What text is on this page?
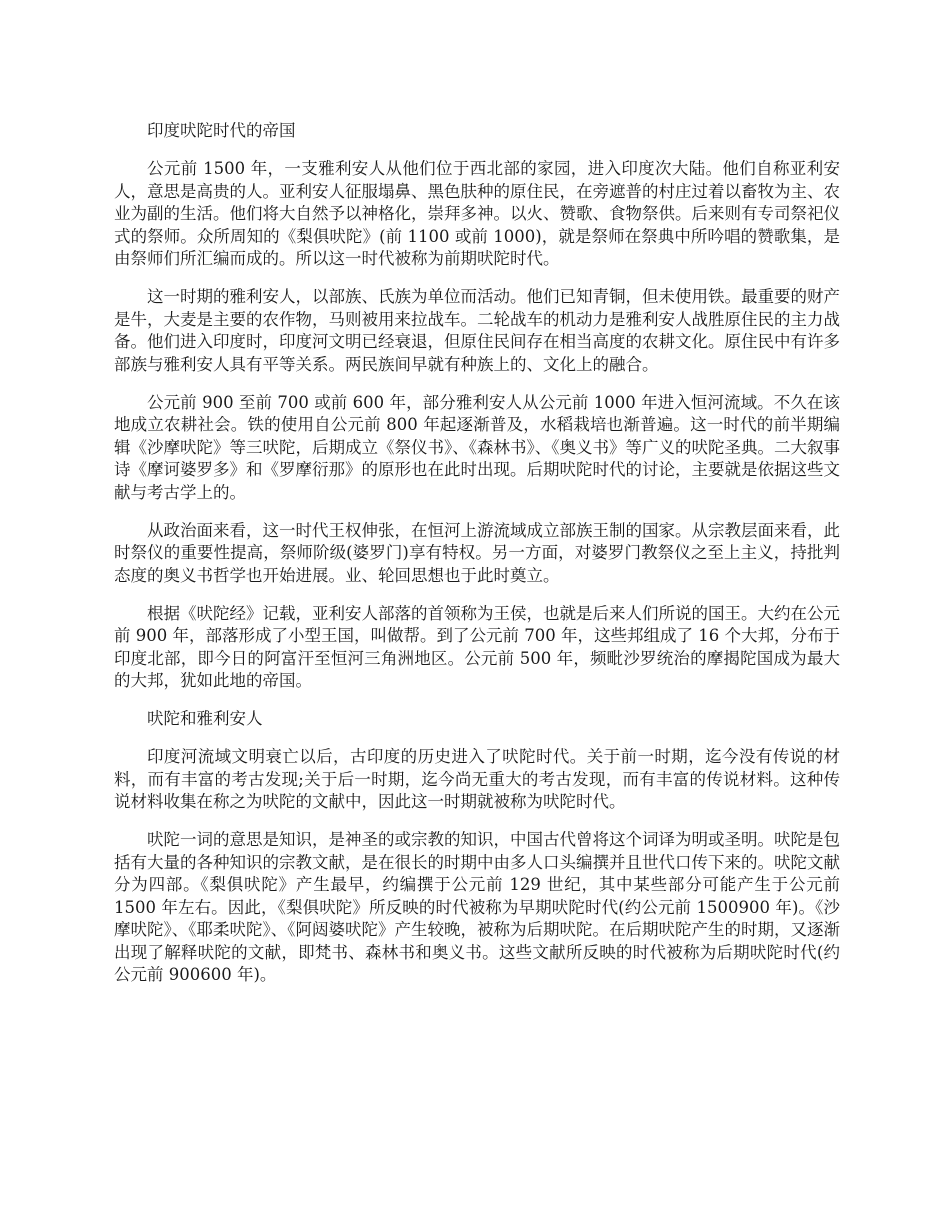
印度吠陀时代的帝国

公元前 1500 年，一支雅利安人从他们位于西北部的家园，进入印度次大陆。他们自称亚利安人，意思是高贵的人。亚利安人征服塌鼻、黑色肤种的原住民，在旁遮普的村庄过着以畜牧为主、农业为副的生活。他们将大自然予以神格化，崇拜多神。以火、赞歌、食物祭供。后来则有专司祭祀仪式的祭师。众所周知的《梨俱吠陀》(前 1100 或前 1000)，就是祭师在祭典中所吟唱的赞歌集，是由祭师们所汇编而成的。所以这一时代被称为前期吠陀时代。

这一时期的雅利安人，以部族、氏族为单位而活动。他们已知青铜，但未使用铁。最重要的财产是牛，大麦是主要的农作物，马则被用来拉战车。二轮战车的机动力是雅利安人战胜原住民的主力战备。他们进入印度时，印度河文明已经衰退，但原住民间存在相当高度的农耕文化。原住民中有许多部族与雅利安人具有平等关系。两民族间早就有种族上的、文化上的融合。

公元前 900 至前 700 或前 600 年，部分雅利安人从公元前 1000 年进入恒河流域。不久在该地成立农耕社会。铁的使用自公元前 800 年起逐渐普及，水稻栽培也渐普遍。这一时代的前半期编辑《沙摩吠陀》等三吠陀，后期成立《祭仪书》、《森林书》、《奥义书》等广义的吠陀圣典。二大叙事诗《摩诃婆罗多》和《罗摩衍那》的原形也在此时出现。后期吠陀时代的讨论，主要就是依据这些文献与考古学上的。

从政治面来看，这一时代王权伸张，在恒河上游流域成立部族王制的国家。从宗教层面来看，此时祭仪的重要性提高，祭师阶级(婆罗门)享有特权。另一方面，对婆罗门教祭仪之至上主义，持批判态度的奥义书哲学也开始进展。业、轮回思想也于此时奠立。

根据《吠陀经》记载，亚利安人部落的首领称为王侯，也就是后来人们所说的国王。大约在公元前 900 年，部落形成了小型王国，叫做帮。到了公元前 700 年，这些邦组成了 16 个大邦，分布于印度北部，即今日的阿富汗至恒河三角洲地区。公元前 500 年，频毗沙罗统治的摩揭陀国成为最大的大邦，犹如此地的帝国。

吠陀和雅利安人

印度河流域文明衰亡以后，古印度的历史进入了吠陀时代。关于前一时期，迄今没有传说的材料，而有丰富的考古发现;关于后一时期，迄今尚无重大的考古发现，而有丰富的传说材料。这种传说材料收集在称之为吠陀的文献中，因此这一时期就被称为吠陀时代。

吠陀一词的意思是知识，是神圣的或宗教的知识，中国古代曾将这个词译为明或圣明。吠陀是包括有大量的各种知识的宗教文献，是在很长的时期中由多人口头编撰并且世代口传下来的。吠陀文献分为四部。《梨俱吠陀》产生最早，约编撰于公元前 129 世纪，其中某些部分可能产生于公元前 1500 年左右。因此，《梨俱吠陀》所反映的时代被称为早期吠陀时代(约公元前 1500900 年)。《沙摩吠陀》、《耶柔吠陀》、《阿闼婆吠陀》产生较晚，被称为后期吠陀。在后期吠陀产生的时期，又逐渐出现了解释吠陀的文献，即梵书、森林书和奥义书。这些文献所反映的时代被称为后期吠陀时代(约公元前 900600 年)。
